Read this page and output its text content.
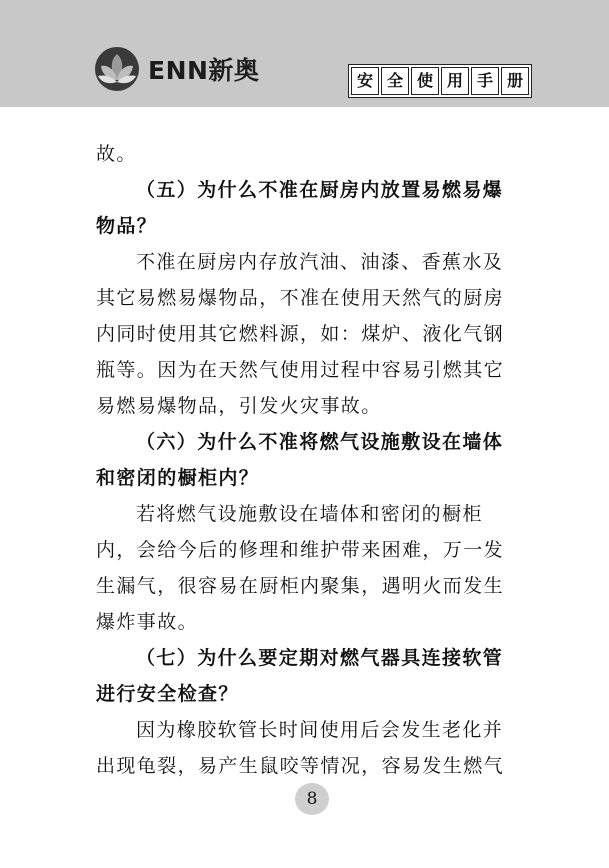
ENN新奥	安 全 使 用 手 册
故。
（五）为什么不准在厨房内放置易燃易爆
物品？
不准在厨房内存放汽油、油漆、香蕉水及
其它易燃易爆物品，不准在使用天然气的厨房
内同时使用其它燃料源，如：煤炉、液化气钢
瓶等。因为在天然气使用过程中容易引燃其它
易燃易爆物品，引发火灾事故。
（六）为什么不准将燃气设施敷设在墙体
和密闭的橱柜内？
若将燃气设施敷设在墙体和密闭的橱柜
内，会给今后的修理和维护带来困难，万一发
生漏气，很容易在厨柜内聚集，遇明火而发生
爆炸事故。
（七）为什么要定期对燃气器具连接软管
进行安全检查？
因为橡胶软管长时间使用后会发生老化并
出现龟裂，易产生鼠咬等情况，容易发生燃气
8
